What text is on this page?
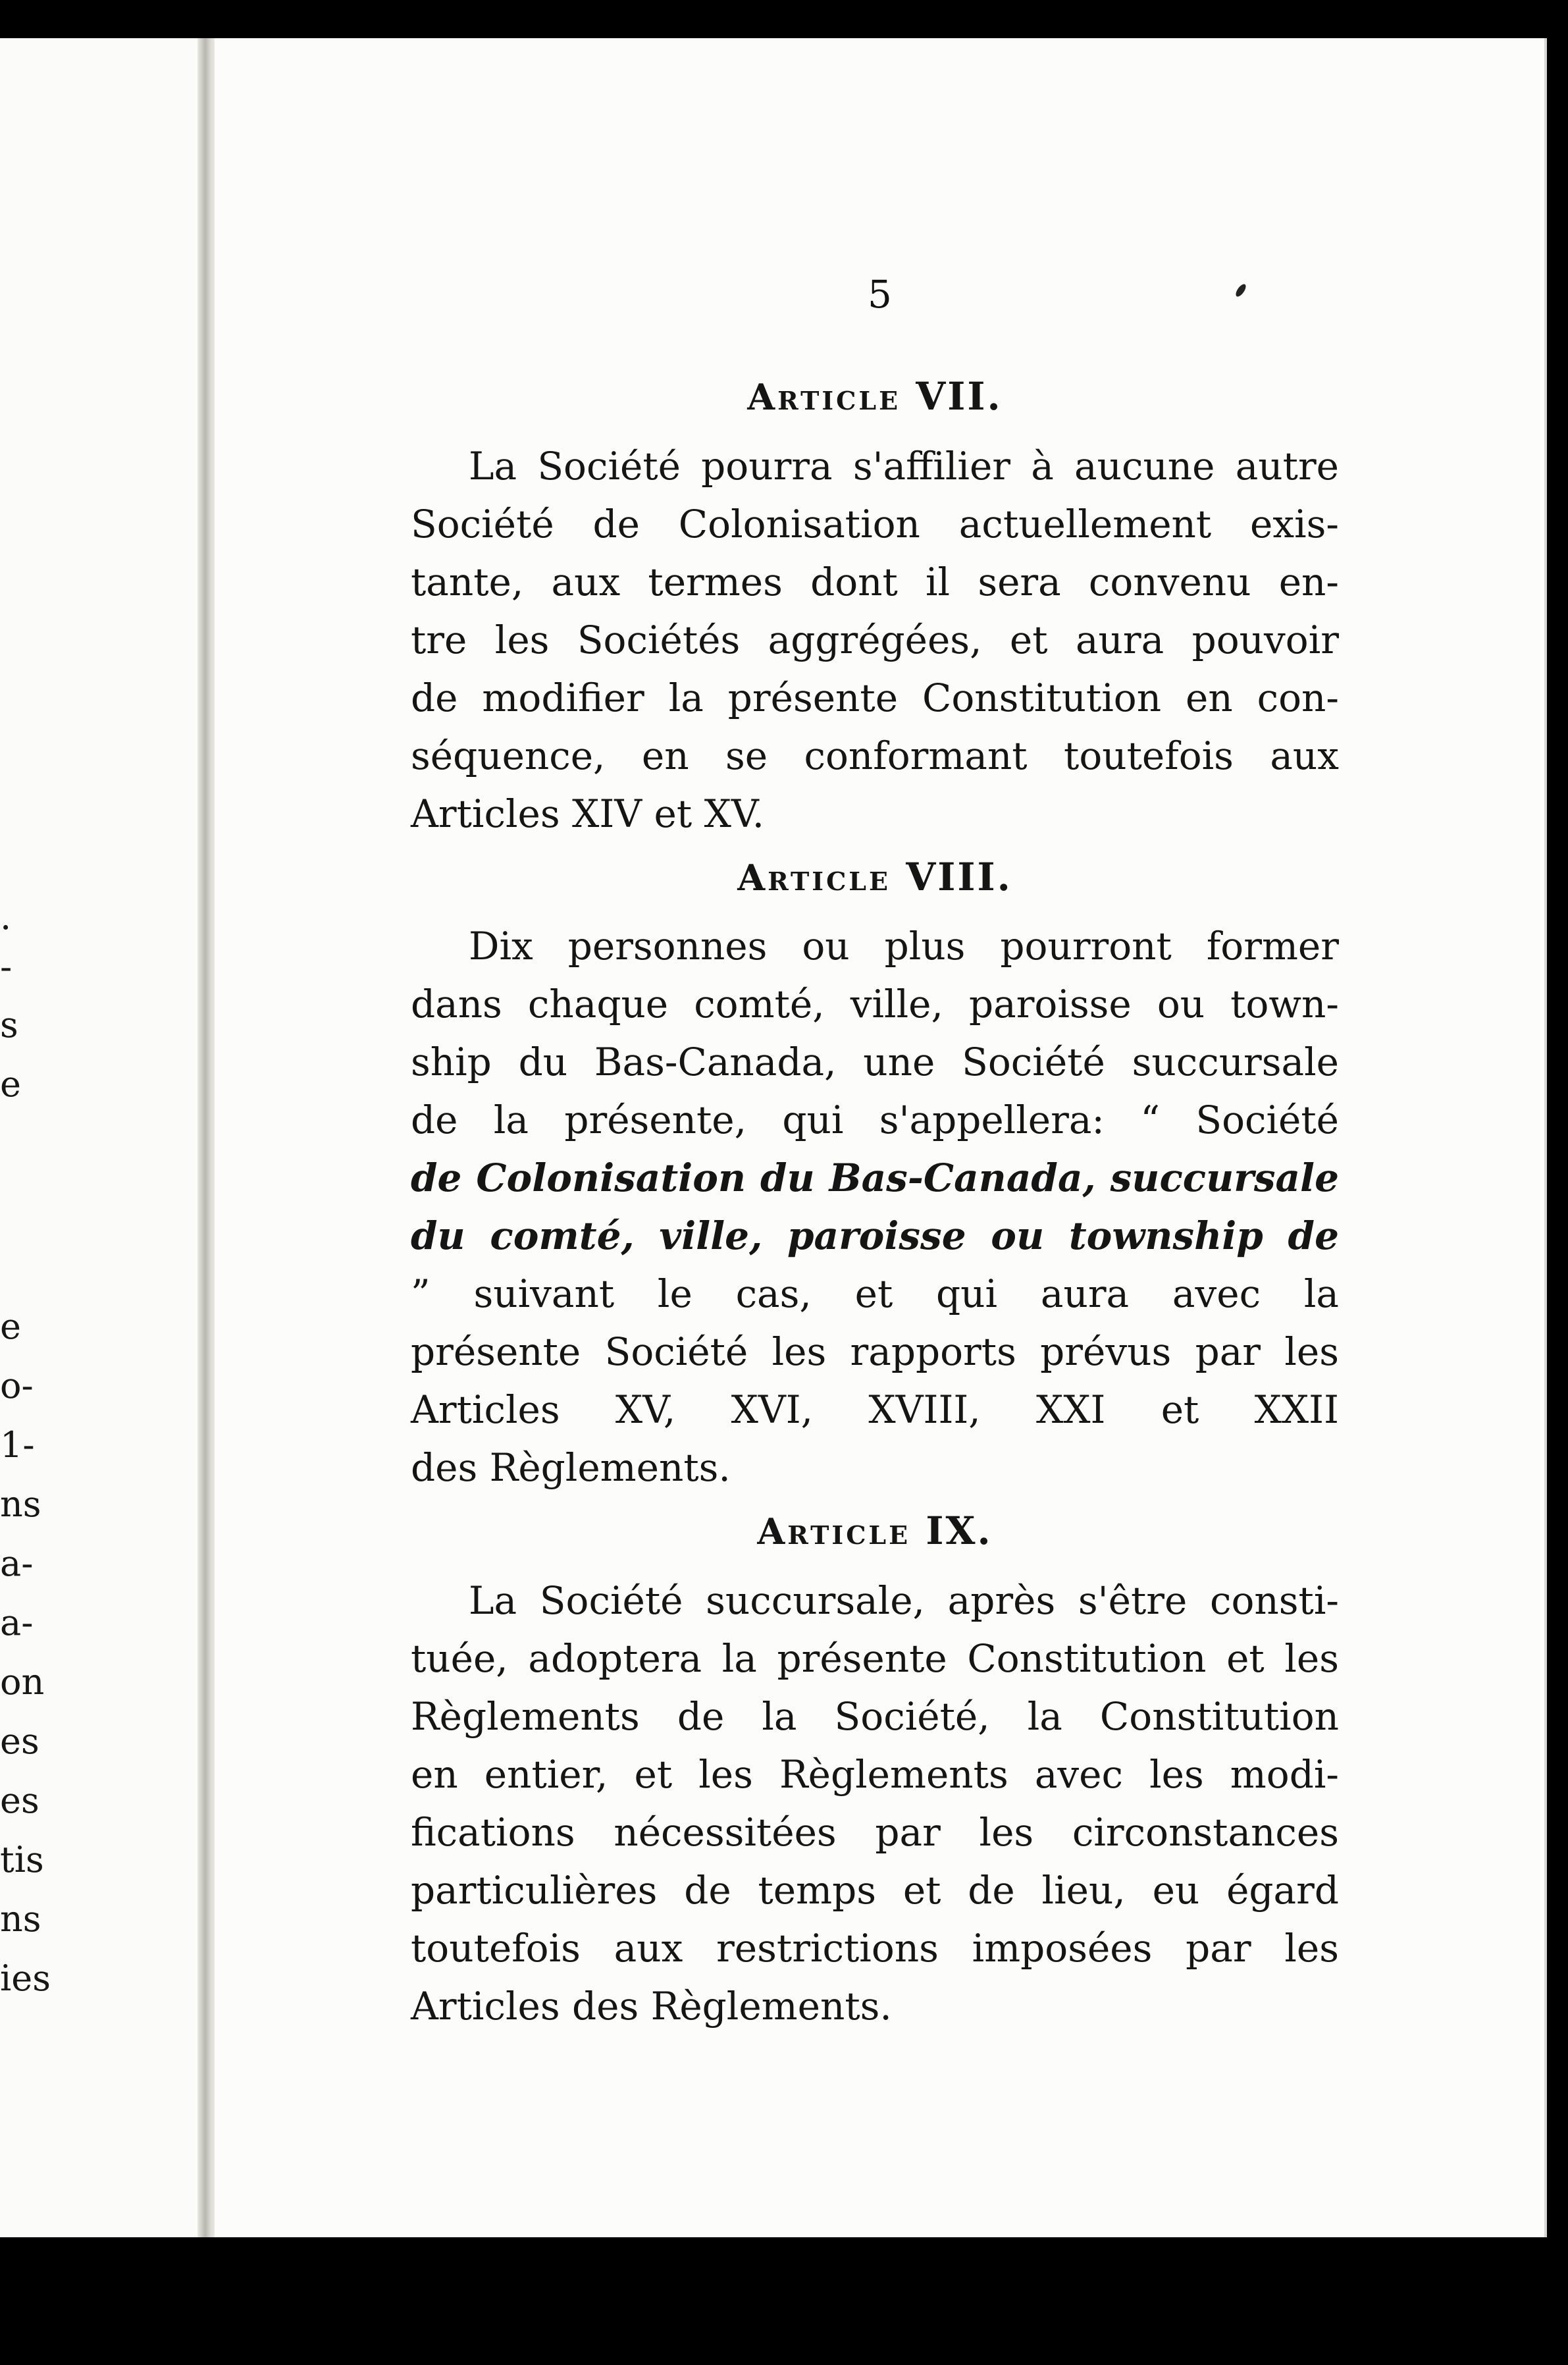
.
-
s
e
e
o-
1-
ns
a-
a-
on
es
es
tis
ns
ies
5
Article VII.
La Société pourra s'affilier à aucune autre
Société de Colonisation actuellement exis-
tante, aux termes dont il sera convenu en-
tre les Sociétés aggrégées, et aura pouvoir
de modifier la présente Constitution en con-
séquence, en se conformant toutefois aux
Articles XIV et XV.
Article VIII.
Dix personnes ou plus pourront former
dans chaque comté, ville, paroisse ou town-
ship du Bas-Canada, une Société succursale
de la présente, qui s'appellera: “ Société
de Colonisation du Bas-Canada, succursale
du comté, ville, paroisse ou township de
” suivant le cas, et qui aura avec la
présente Société les rapports prévus par les
Articles XV, XVI, XVIII, XXI et XXII
des Règlements.
Article IX.
La Société succursale, après s'être consti-
tuée, adoptera la présente Constitution et les
Règlements de la Société, la Constitution
en entier, et les Règlements avec les modi-
fications nécessitées par les circonstances
particulières de temps et de lieu, eu égard
toutefois aux restrictions imposées par les
Articles des Règlements.
